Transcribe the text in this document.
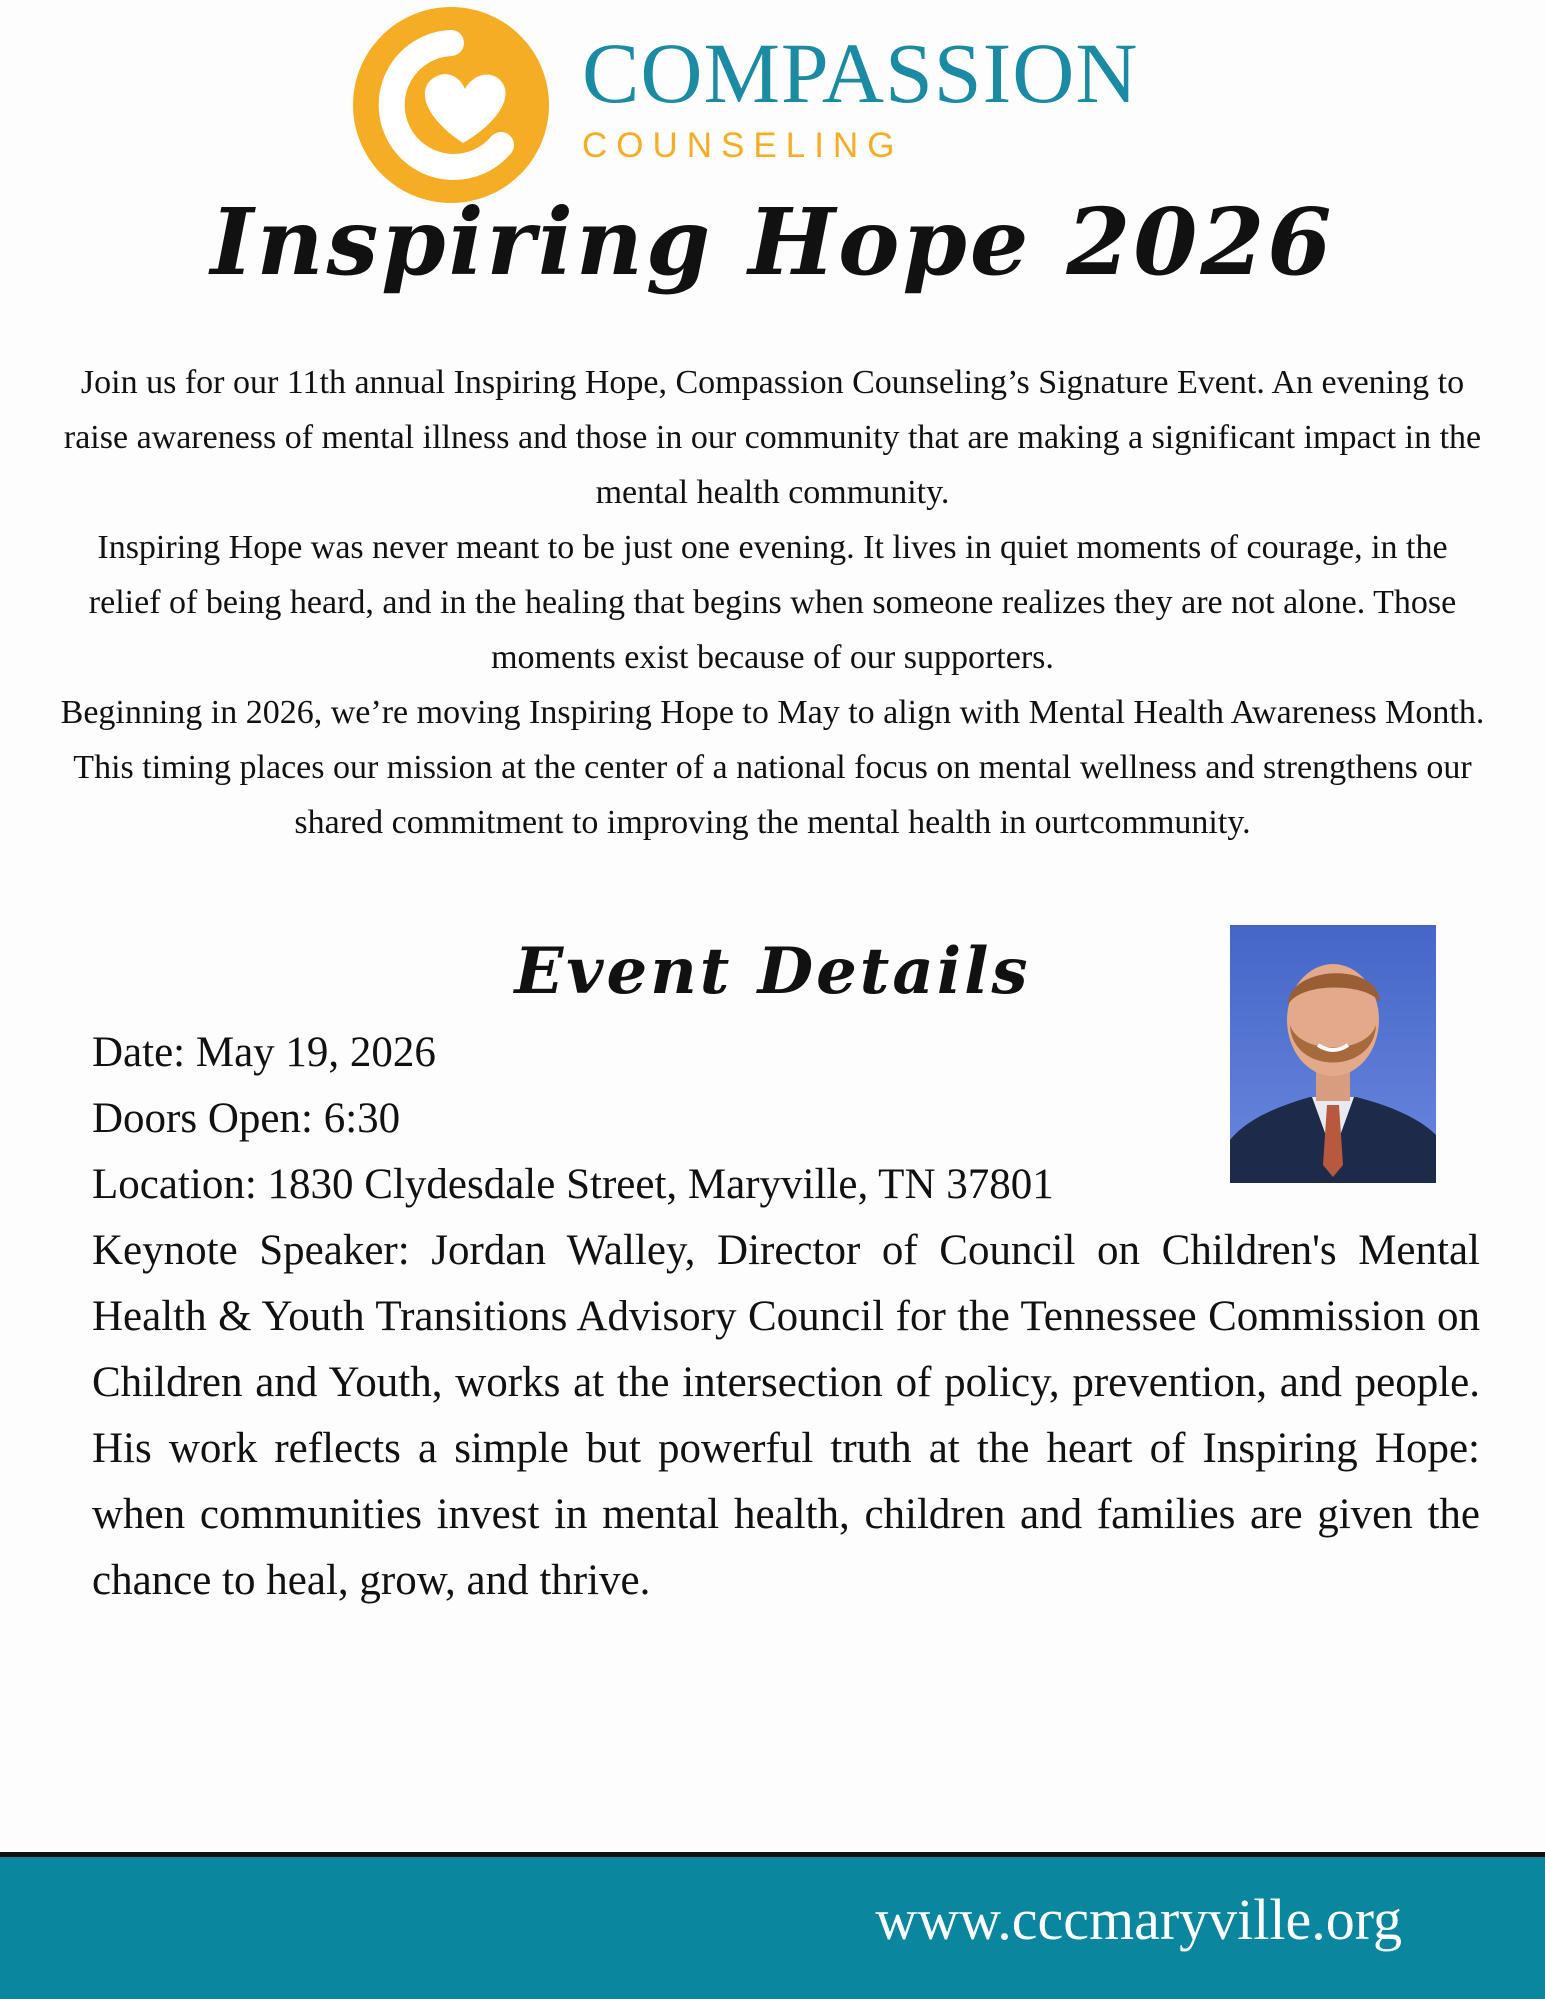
COMPASSION
COUNSELING
Inspiring Hope 2026

Join us for our 11th annual Inspiring Hope, Compassion Counseling’s Signature Event. An evening to raise awareness of mental illness and those in our community that are making a significant impact in the mental health community.

Inspiring Hope was never meant to be just one evening. It lives in quiet moments of courage, in the relief of being heard, and in the healing that begins when someone realizes they are not alone. Those moments exist because of our supporters.

Beginning in 2026, we’re moving Inspiring Hope to May to align with Mental Health Awareness Month. This timing places our mission at the center of a national focus on mental wellness and strengthens our shared commitment to improving the mental health in ourtcommunity.

Event Details
Date: May 19, 2026
Doors Open: 6:30
Location: 1830 Clydesdale Street, Maryville, TN 37801
Keynote Speaker: Jordan Walley, Director of Council on Children's Mental Health & Youth Transitions Advisory Council for the Tennessee Commission on Children and Youth, works at the intersection of policy, prevention, and people. His work reflects a simple but powerful truth at the heart of Inspiring Hope: when communities invest in mental health, children and families are given the chance to heal, grow, and thrive.
www.cccmaryville.org
